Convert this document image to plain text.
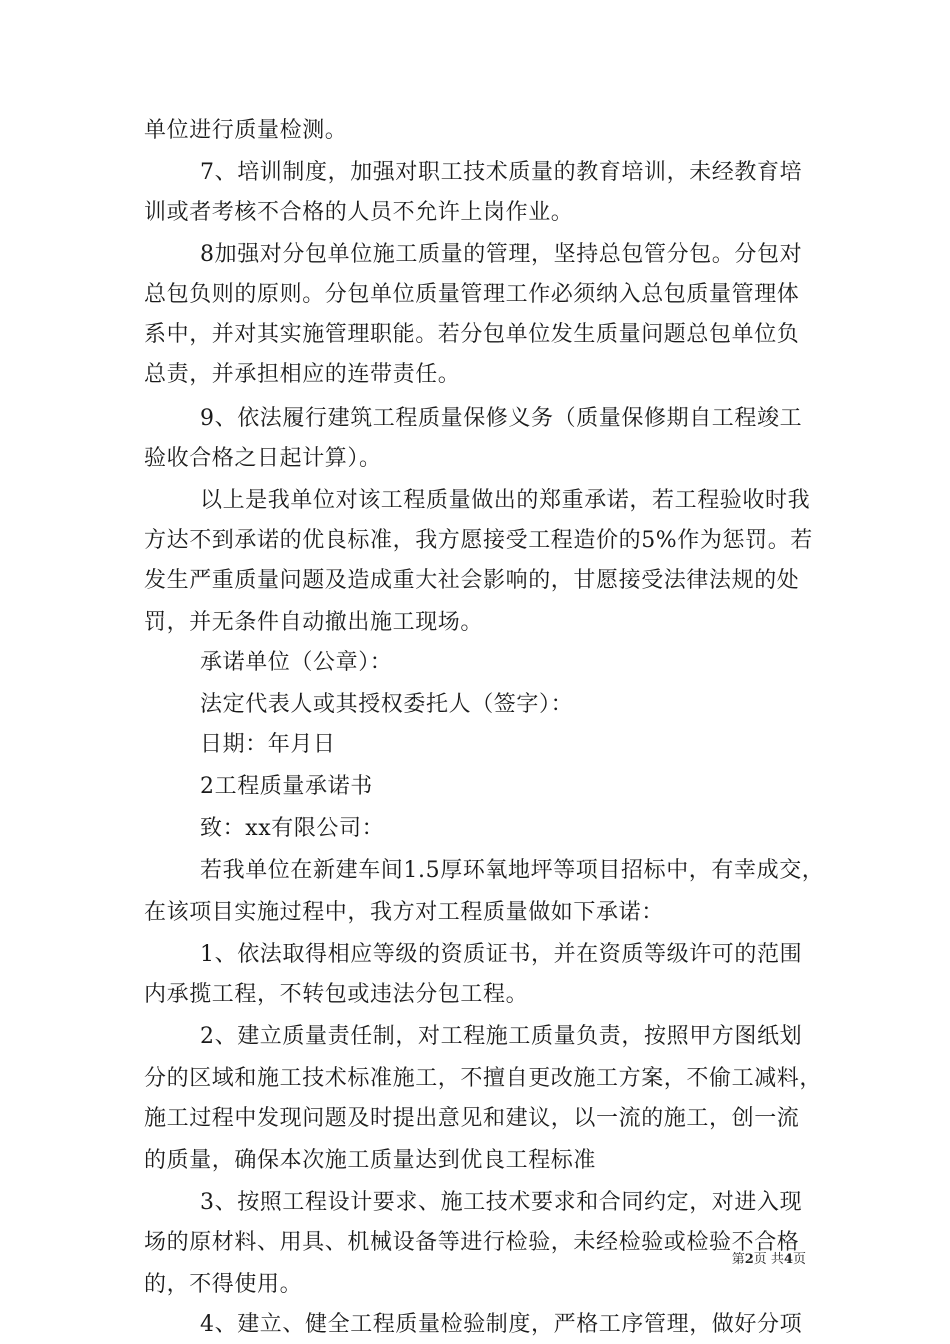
单位进行质量检测。
7、培训制度，加强对职工技术质量的教育培训，未经教育培
训或者考核不合格的人员不允许上岗作业。
8加强对分包单位施工质量的管理，坚持总包管分包。分包对
总包负则的原则。分包单位质量管理工作必须纳入总包质量管理体
系中，并对其实施管理职能。若分包单位发生质量问题总包单位负
总责，并承担相应的连带责任。
9、依法履行建筑工程质量保修义务（质量保修期自工程竣工
验收合格之日起计算）。
以上是我单位对该工程质量做出的郑重承诺，若工程验收时我
方达不到承诺的优良标准，我方愿接受工程造价的5%作为惩罚。若
发生严重质量问题及造成重大社会影响的，甘愿接受法律法规的处
罚，并无条件自动撤出施工现场。
承诺单位（公章）：
法定代表人或其授权委托人（签字）：
日期：年月日
2工程质量承诺书
致：xx有限公司：
若我单位在新建车间1.5厚环氧地坪等项目招标中，有幸成交，
在该项目实施过程中，我方对工程质量做如下承诺：
1、依法取得相应等级的资质证书，并在资质等级许可的范围
内承揽工程，不转包或违法分包工程。
2、建立质量责任制，对工程施工质量负责，按照甲方图纸划
分的区域和施工技术标准施工，不擅自更改施工方案，不偷工减料，
施工过程中发现问题及时提出意见和建议，以一流的施工，创一流
的质量，确保本次施工质量达到优良工程标准
3、按照工程设计要求、施工技术要求和合同约定，对进入现
场的原材料、用具、机械设备等进行检验，未经检验或检验不合格
的，不得使用。
4、建立、健全工程质量检验制度，严格工序管理，做好分项
第2页 共4页
